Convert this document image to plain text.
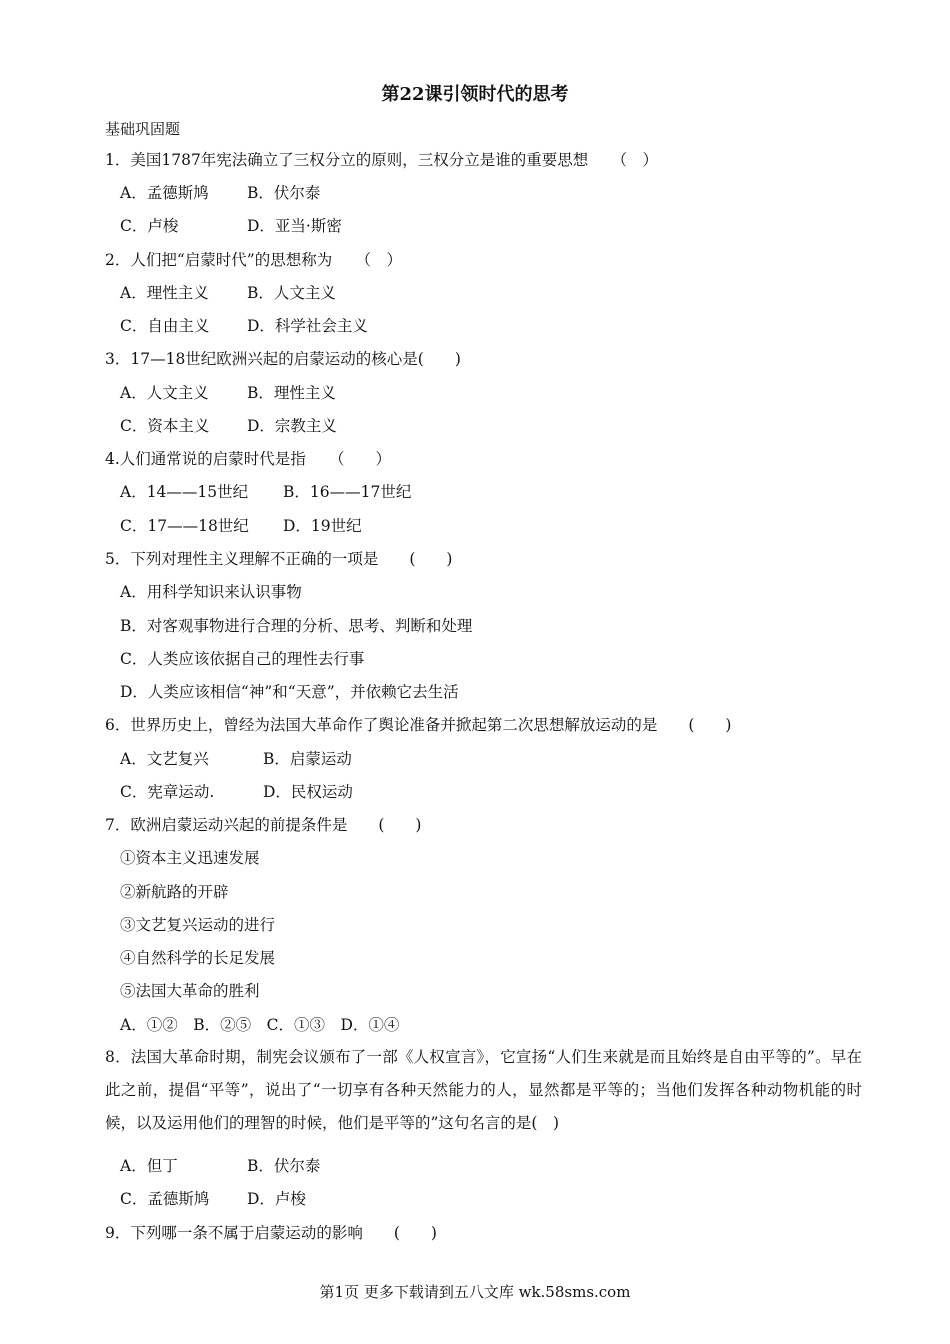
第22课引领时代的思考
基础巩固题
1．美国1787年宪法确立了三权分立的原则，三权分立是谁的重要思想　　（　）
A．孟德斯鸠 B．伏尔泰
C．卢梭	D．亚当·斯密
2．人们把“启蒙时代”的思想称为　　（　）
A．理性主义 B．人文主义
C．自由主义 D．科学社会主义
3．17—18世纪欧洲兴起的启蒙运动的核心是(　　)
A．人文主义 B．理性主义
C．资本主义 D．宗教主义
4.人们通常说的启蒙时代是指　　（　　）
A．14——15世纪 B．16——17世纪
C．17——18世纪 D．19世纪
5．下列对理性主义理解不正确的一项是　　(　　)
A．用科学知识来认识事物
B．对客观事物进行合理的分析、思考、判断和处理
C．人类应该依据自己的理性去行事
D．人类应该相信“神”和“天意”，并依赖它去生活
6．世界历史上，曾经为法国大革命作了舆论准备并掀起第二次思想解放运动的是　　(　　)
A．文艺复兴	B．启蒙运动
C．宪章运动.	D．民权运动
7．欧洲启蒙运动兴起的前提条件是　　(　　)
①资本主义迅速发展
②新航路的开辟
③文艺复兴运动的进行
④自然科学的长足发展
⑤法国大革命的胜利
A．①②　B．②⑤　C．①③　D．①④
8．法国大革命时期，制宪会议颁布了一部《人权宣言》，它宣扬“人们生来就是而且始终是自由平等的”。早在此之前，提倡“平等”，说出了“一切享有各种天然能力的人，显然都是平等的；当他们发挥各种动物机能的时候，以及运用他们的理智的时候，他们是平等的”这句名言的是(　)
A．但丁	B．伏尔泰
C．孟德斯鸠 D．卢梭
9．下列哪一条不属于启蒙运动的影响　　(　　)
第1页 更多下载请到五八文库 wk.58sms.com
